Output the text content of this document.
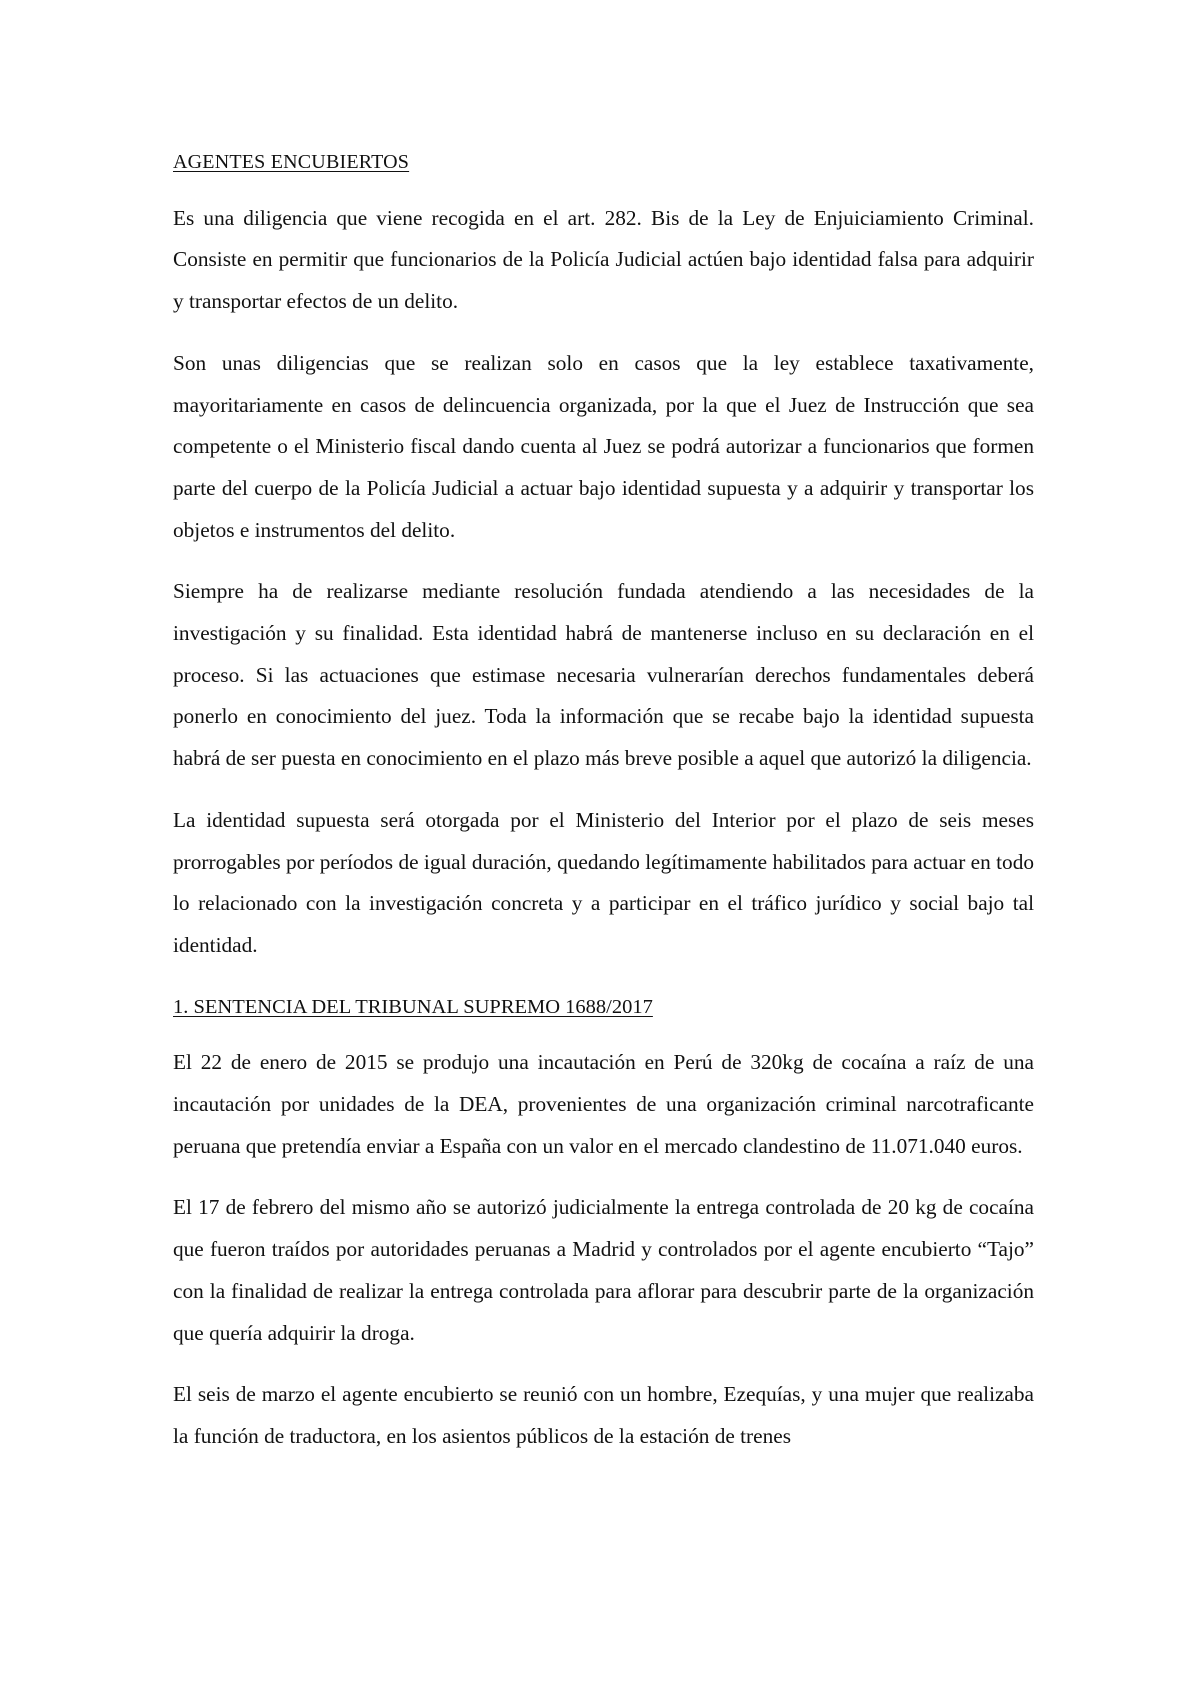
AGENTES ENCUBIERTOS

Es una diligencia que viene recogida en el art. 282. Bis de la Ley de Enjuiciamiento Criminal. Consiste en permitir que funcionarios de la Policía Judicial actúen bajo identidad falsa para adquirir y transportar efectos de un delito.

Son unas diligencias que se realizan solo en casos que la ley establece taxativamente, mayoritariamente en casos de delincuencia organizada, por la que el Juez de Instrucción que sea competente o el Ministerio fiscal dando cuenta al Juez se podrá autorizar a funcionarios que formen parte del cuerpo de la Policía Judicial a actuar bajo identidad supuesta y a adquirir y transportar los objetos e instrumentos del delito.

Siempre ha de realizarse mediante resolución fundada atendiendo a las necesidades de la investigación y su finalidad. Esta identidad habrá de mantenerse incluso en su declaración en el proceso. Si las actuaciones que estimase necesaria vulnerarían derechos fundamentales deberá ponerlo en conocimiento del juez. Toda la información que se recabe bajo la identidad supuesta habrá de ser puesta en conocimiento en el plazo más breve posible a aquel que autorizó la diligencia.

La identidad supuesta será otorgada por el Ministerio del Interior por el plazo de seis meses prorrogables por períodos de igual duración, quedando legítimamente habilitados para actuar en todo lo relacionado con la investigación concreta y a participar en el tráfico jurídico y social bajo tal identidad.

1. SENTENCIA DEL TRIBUNAL SUPREMO 1688/2017

El 22 de enero de 2015 se produjo una incautación en Perú de 320kg de cocaína a raíz de una incautación por unidades de la DEA, provenientes de una organización criminal narcotraficante peruana que pretendía enviar a España con un valor en el mercado clandestino de 11.071.040 euros.

El 17 de febrero del mismo año se autorizó judicialmente la entrega controlada de 20 kg de cocaína que fueron traídos por autoridades peruanas a Madrid y controlados por el agente encubierto “Tajo” con la finalidad de realizar la entrega controlada para aflorar para descubrir parte de la organización que quería adquirir la droga.

El seis de marzo el agente encubierto se reunió con un hombre, Ezequías, y una mujer que realizaba la función de traductora, en los asientos públicos de la estación de trenes
